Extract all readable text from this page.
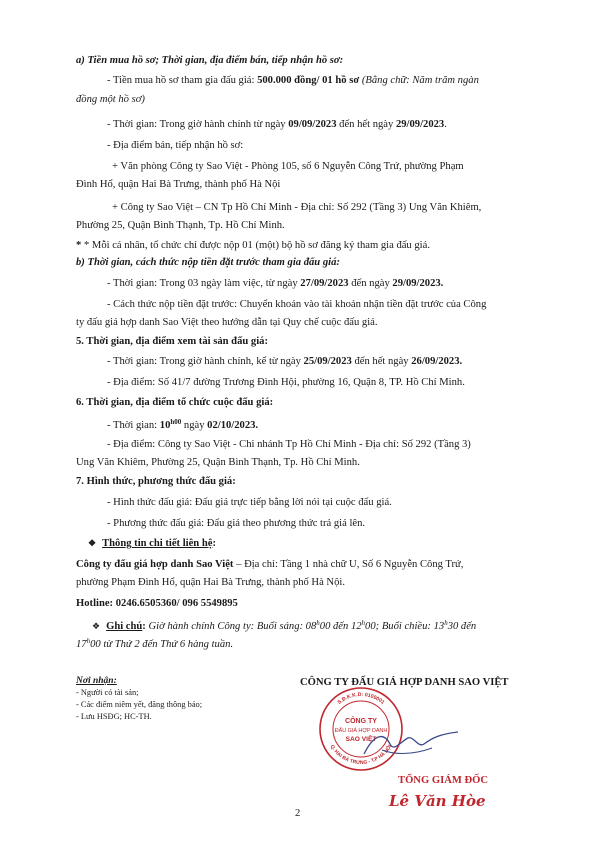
a) Tiền mua hồ sơ; Thời gian, địa điểm bán, tiếp nhận hồ sơ:
- Tiền mua hồ sơ tham gia đấu giá: 500.000 đồng/ 01 hồ sơ (Bằng chữ: Năm trăm ngàn
đồng một hồ sơ)
- Thời gian: Trong giờ hành chính từ ngày 09/09/2023 đến hết ngày 29/09/2023.
- Địa điểm bán, tiếp nhận hồ sơ:
+ Văn phòng Công ty Sao Việt - Phòng 105, số 6 Nguyễn Công Trứ, phường Phạm
Đình Hổ, quận Hai Bà Trưng, thành phố Hà Nội
+ Công ty Sao Việt – CN Tp Hồ Chí Minh - Địa chỉ: Số 292 (Tầng 3) Ung Văn Khiêm,
Phường 25, Quận Bình Thạnh, Tp. Hồ Chí Minh.
* * Mỗi cá nhân, tổ chức chỉ được nộp 01 (một) bộ hồ sơ đăng ký tham gia đấu giá.
b) Thời gian, cách thức nộp tiền đặt trước tham gia đấu giá:
- Thời gian: Trong 03 ngày làm việc, từ ngày 27/09/2023 đến ngày 29/09/2023.
- Cách thức nộp tiền đặt trước: Chuyển khoản vào tài khoản nhận tiền đặt trước của Công
ty đấu giá hợp danh Sao Việt theo hướng dẫn tại Quy chế cuộc đấu giá.
5. Thời gian, địa điểm xem tài sản đấu giá:
- Thời gian: Trong giờ hành chính, kể từ ngày 25/09/2023 đến hết ngày 26/09/2023.
- Địa điểm: Số 41/7 đường Trương Đình Hội, phường 16, Quận 8, TP. Hồ Chí Minh.
6. Thời gian, địa điểm tổ chức cuộc đấu giá:
- Thời gian: $10^{h00}$ ngày 02/10/2023.
- Địa điểm: Công ty Sao Việt - Chi nhánh Tp Hồ Chí Minh - Địa chỉ: Số 292 (Tầng 3)
Ung Văn Khiêm, Phường 25, Quận Bình Thạnh, Tp. Hồ Chí Minh.
7. Hình thức, phương thức đấu giá:
- Hình thức đấu giá: Đấu giá trực tiếp bằng lời nói tại cuộc đấu giá.
- Phương thức đấu giá: Đấu giá theo phương thức trả giá lên.
❖ Thông tin chi tiết liên hệ:
Công ty đấu giá hợp danh Sao Việt – Địa chỉ: Tầng 1 nhà chữ U, Số 6 Nguyễn Công Trứ,
phường Phạm Đình Hổ, quận Hai Bà Trưng, thành phố Hà Nội.
Hotline: 0246.6505360/ 096 5549895
❖ Ghi chú: Giờ hành chính Công ty: Buổi sáng: 08$^h$00 đến 12$^h$00; Buổi chiều: 13$^h$30 đến
17$^h$00 từ Thứ 2 đến Thứ 6 hàng tuần.
Nơi nhận:
- Người có tài sản;
- Các điểm niêm yết, đăng thông báo;
- Lưu HSĐG; HC-TH.
CÔNG TY ĐẤU GIÁ HỢP DANH SAO VIỆT
S.Đ.K.K.D: 0100001
Q. HAI BÀ TRƯNG - T.P HÀ NỘI
CÔNG TY
ĐẤU GIÁ HỢP DANH
SAO VIỆT
TỔNG GIÁM ĐỐC
Lê Văn Hòe
2
